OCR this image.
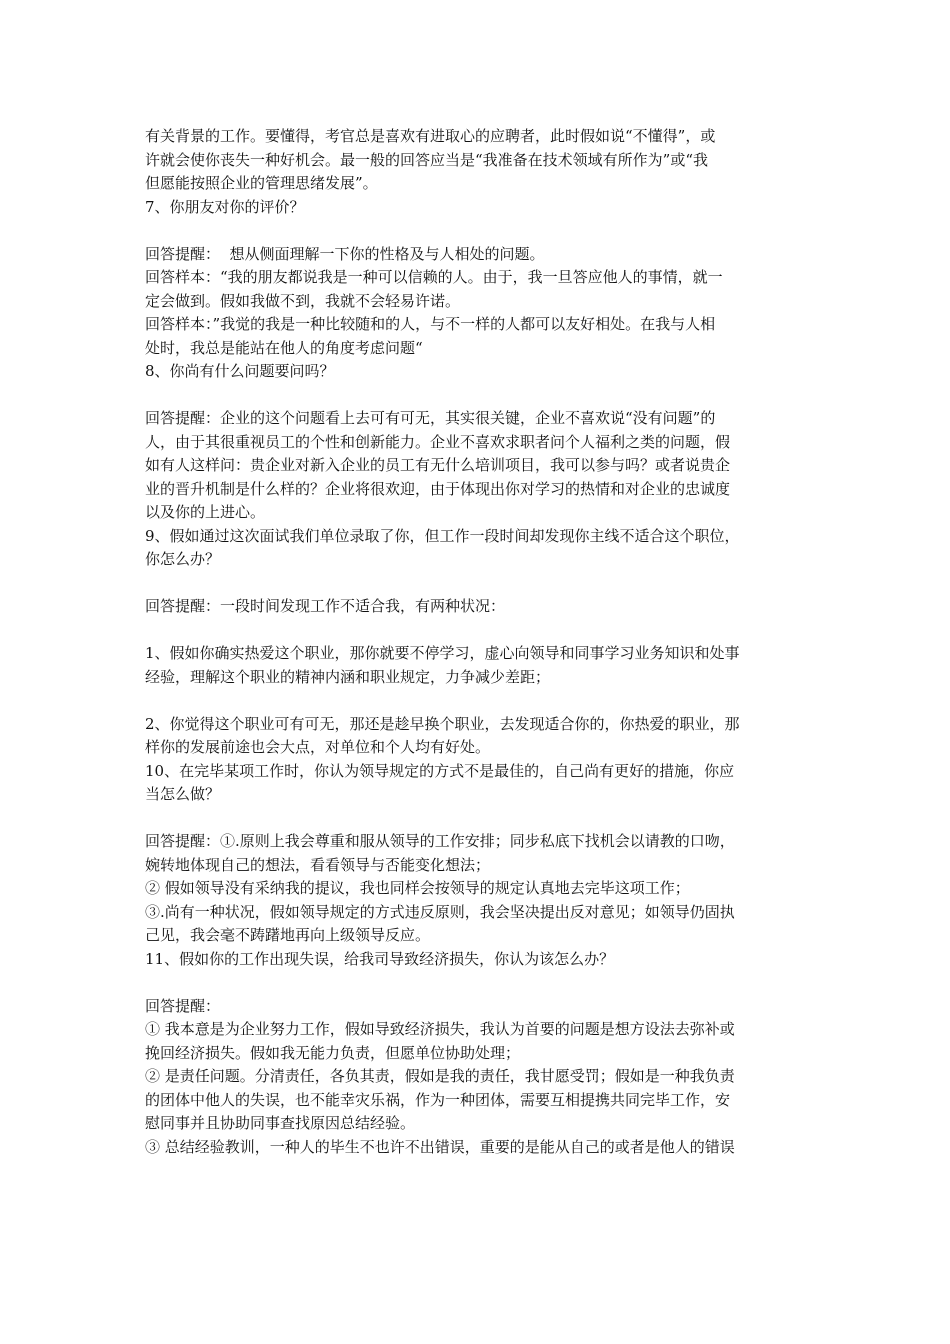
有关背景的工作。要懂得，考官总是喜欢有进取心的应聘者，此时假如说“不懂得”，或
许就会使你丧失一种好机会。最一般的回答应当是“我准备在技术领域有所作为”或“我
但愿能按照企业的管理思绪发展”。
7、你朋友对你的评价？
回答提醒：  想从侧面理解一下你的性格及与人相处的问题。
回答样本：“我的朋友都说我是一种可以信赖的人。由于，我一旦答应他人的事情，就一
定会做到。假如我做不到，我就不会轻易许诺。
回答样本：”我觉的我是一种比较随和的人，与不一样的人都可以友好相处。在我与人相
处时，我总是能站在他人的角度考虑问题“
8、你尚有什么问题要问吗？
回答提醒：企业的这个问题看上去可有可无，其实很关键，企业不喜欢说“没有问题”的
人，由于其很重视员工的个性和创新能力。企业不喜欢求职者问个人福利之类的问题，假
如有人这样问：贵企业对新入企业的员工有无什么培训项目，我可以参与吗？或者说贵企
业的晋升机制是什么样的？企业将很欢迎，由于体现出你对学习的热情和对企业的忠诚度
以及你的上进心。
9、假如通过这次面试我们单位录取了你，但工作一段时间却发现你主线不适合这个职位，
你怎么办？
回答提醒：一段时间发现工作不适合我，有两种状况：
1、假如你确实热爱这个职业，那你就要不停学习，虚心向领导和同事学习业务知识和处事
经验，理解这个职业的精神内涵和职业规定，力争减少差距；
2、你觉得这个职业可有可无，那还是趁早换个职业，去发现适合你的，你热爱的职业，那
样你的发展前途也会大点，对单位和个人均有好处。
10、在完毕某项工作时，你认为领导规定的方式不是最佳的，自己尚有更好的措施，你应
当怎么做？
回答提醒：①.原则上我会尊重和服从领导的工作安排；同步私底下找机会以请教的口吻，
婉转地体现自己的想法，看看领导与否能变化想法；
② 假如领导没有采纳我的提议，我也同样会按领导的规定认真地去完毕这项工作；
③.尚有一种状况，假如领导规定的方式违反原则，我会坚决提出反对意见；如领导仍固执
己见，我会毫不踌躇地再向上级领导反应。
11、假如你的工作出现失误，给我司导致经济损失，你认为该怎么办？
回答提醒：
① 我本意是为企业努力工作，假如导致经济损失，我认为首要的问题是想方设法去弥补或
挽回经济损失。假如我无能力负责，但愿单位协助处理；
② 是责任问题。分清责任，各负其责，假如是我的责任，我甘愿受罚；假如是一种我负责
的团体中他人的失误，也不能幸灾乐祸，作为一种团体，需要互相提携共同完毕工作，安
慰同事并且协助同事查找原因总结经验。
③ 总结经验教训，一种人的毕生不也许不出错误，重要的是能从自己的或者是他人的错误
